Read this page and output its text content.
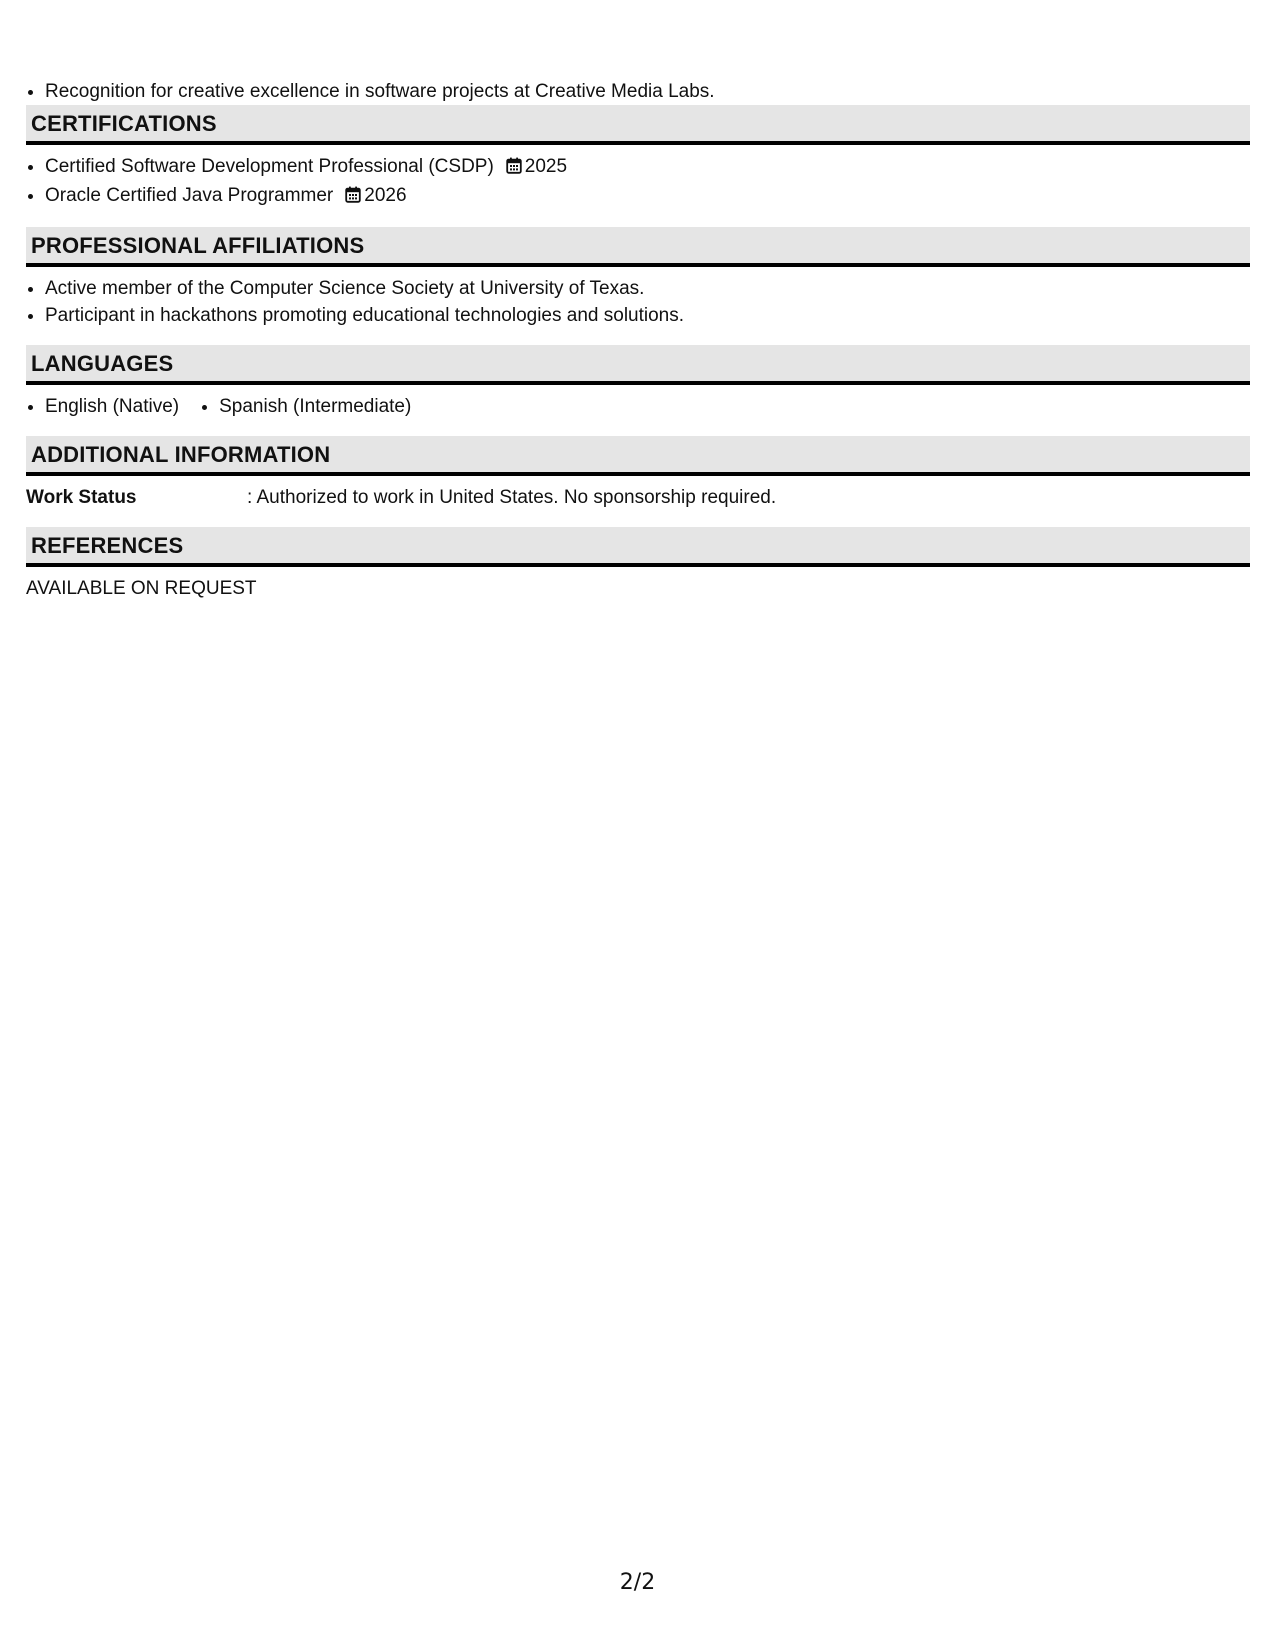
• Recognition for creative excellence in software projects at Creative Media Labs.
CERTIFICATIONS
• Certified Software Development Professional (CSDP) 2025
• Oracle Certified Java Programmer 2026
PROFESSIONAL AFFILIATIONS
• Active member of the Computer Science Society at University of Texas.
• Participant in hackathons promoting educational technologies and solutions.
LANGUAGES
• English (Native)
• Spanish (Intermediate)
ADDITIONAL INFORMATION
Work Status	: Authorized to work in United States. No sponsorship required.
REFERENCES
AVAILABLE ON REQUEST
2/2
